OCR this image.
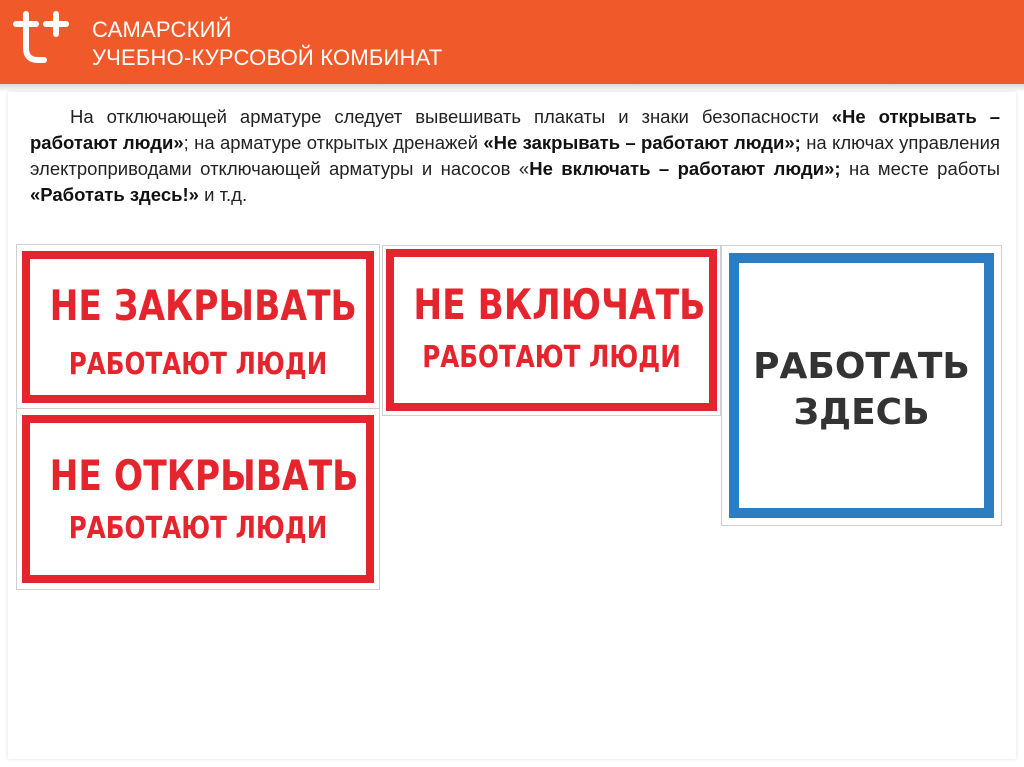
САМАРСКИЙ
УЧЕБНО-КУРСОВОЙ КОМБИНАТ

На отключающей арматуре следует вывешивать плакаты и знаки безопасности «Не открывать – работают люди»; на арматуре открытых дренажей «Не закрывать – работают люди»; на ключах управления электроприводами отключающей арматуры и насосов «Не включать – работают люди»; на месте работы «Работать здесь!» и т.д.

НЕ ЗАКРЫВАТЬ
РАБОТАЮТ ЛЮДИ
НЕ ВКЛЮЧАТЬ
РАБОТАЮТ ЛЮДИ
НЕ ОТКРЫВАТЬ
РАБОТАЮТ ЛЮДИ
РАБОТАТЬ
ЗДЕСЬ
